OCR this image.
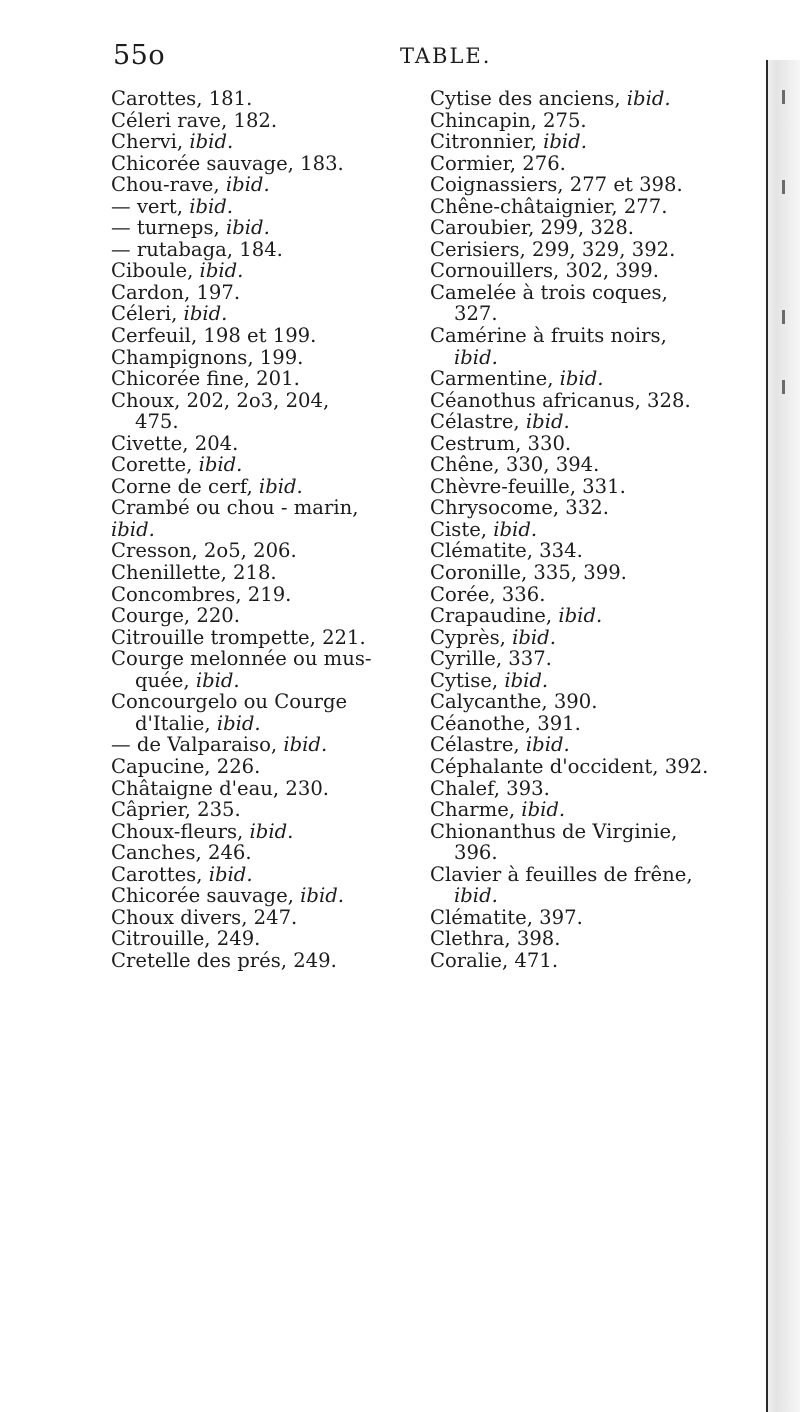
55o	TABLE.
Carottes, 181.
Céleri rave, 182.
Chervi, ibid.
Chicorée sauvage, 183.
Chou-rave, ibid.
— vert, ibid.
— turneps, ibid.
— rutabaga, 184.
Ciboule, ibid.
Cardon, 197.
Céleri, ibid.
Cerfeuil, 198 et 199.
Champignons, 199.
Chicorée fine, 201.
Choux, 202, 2o3, 204,
475.
Civette, 204.
Corette, ibid.
Corne de cerf, ibid.
Crambé ou chou - marin,
ibid.
Cresson, 2o5, 206.
Chenillette, 218.
Concombres, 219.
Courge, 220.
Citrouille trompette, 221.
Courge melonnée ou mus-
quée, ibid.
Concourgelo ou Courge
d'Italie, ibid.
— de Valparaiso, ibid.
Capucine, 226.
Châtaigne d'eau, 230.
Câprier, 235.
Choux-fleurs, ibid.
Canches, 246.
Carottes, ibid.
Chicorée sauvage, ibid.
Choux divers, 247.
Citrouille, 249.
Cretelle des prés, 249.
Cytise des anciens, ibid.
Chincapin, 275.
Citronnier, ibid.
Cormier, 276.
Coignassiers, 277 et 398.
Chêne-châtaignier, 277.
Caroubier, 299, 328.
Cerisiers, 299, 329, 392.
Cornouillers, 302, 399.
Camelée à trois coques,
327.
Camérine à fruits noirs,
ibid.
Carmentine, ibid.
Céanothus africanus, 328.
Célastre, ibid.
Cestrum, 330.
Chêne, 330, 394.
Chèvre-feuille, 331.
Chrysocome, 332.
Ciste, ibid.
Clématite, 334.
Coronille, 335, 399.
Corée, 336.
Crapaudine, ibid.
Cyprès, ibid.
Cyrille, 337.
Cytise, ibid.
Calycanthe, 390.
Céanothe, 391.
Célastre, ibid.
Céphalante d'occident, 392.
Chalef, 393.
Charme, ibid.
Chionanthus de Virginie,
396.
Clavier à feuilles de frêne,
ibid.
Clématite, 397.
Clethra, 398.
Coralie, 471.
